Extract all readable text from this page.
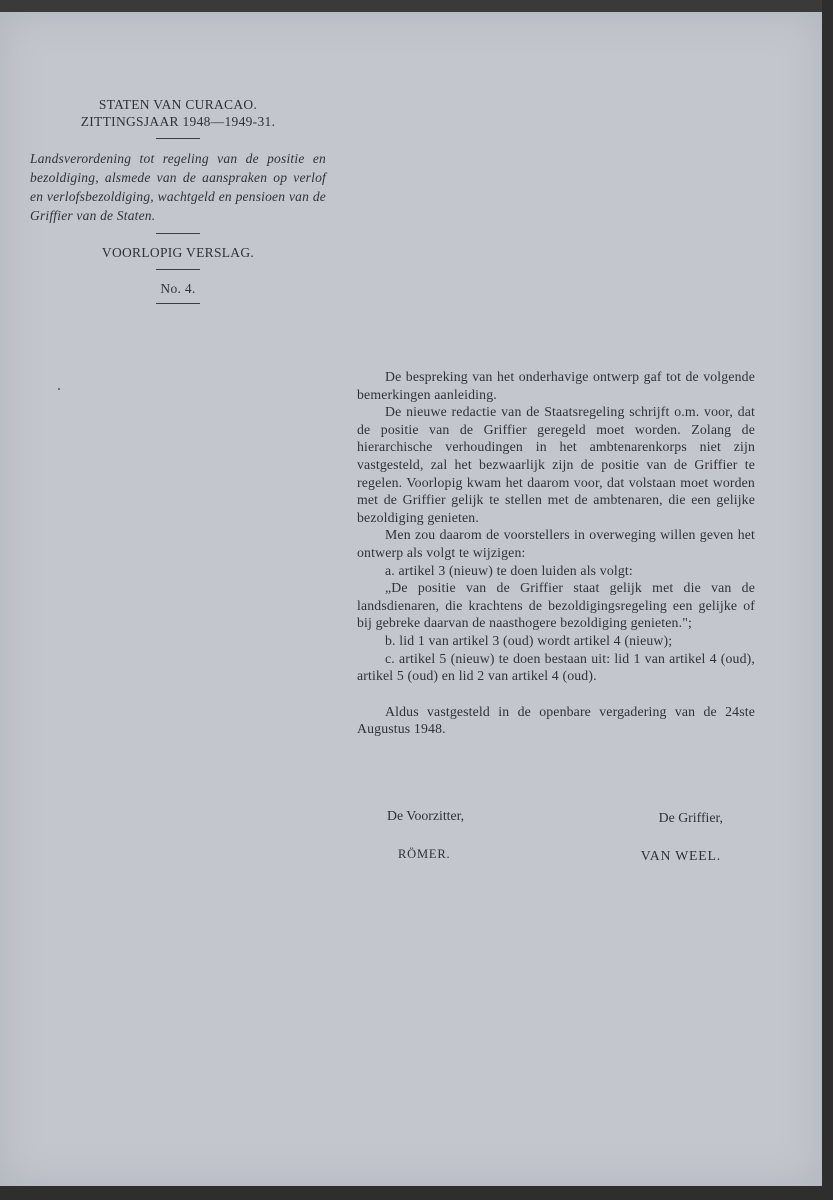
STATEN VAN CURACAO.
ZITTINGSJAAR 1948—1949-31.
Landsverordening tot regeling van de positie en bezoldiging, alsmede van de aanspraken op verlof en verlofsbezoldiging, wachtgeld en pensioen van de Griffier van de Staten.
VOORLOPIG VERSLAG.
No. 4.

De bespreking van het onderhavige ontwerp gaf tot de volgende bemerkingen aanleiding.

De nieuwe redactie van de Staatsregeling schrijft o.m. voor, dat de positie van de Griffier geregeld moet worden. Zolang de hierarchische verhoudingen in het ambtenarenkorps niet zijn vastgesteld, zal het bezwaarlijk zijn de positie van de Griffier te regelen. Voorlopig kwam het daarom voor, dat volstaan moet worden met de Griffier gelijk te stellen met de ambtenaren, die een gelijke bezoldiging genieten.

Men zou daarom de voorstellers in overweging willen geven het ontwerp als volgt te wijzigen:

a. artikel 3 (nieuw) te doen luiden als volgt:

„De positie van de Griffier staat gelijk met die van de landsdienaren, die krachtens de bezoldigingsregeling een gelijke of bij gebreke daarvan de naasthogere bezoldiging genieten.";

b. lid 1 van artikel 3 (oud) wordt artikel 4 (nieuw);

c. artikel 5 (nieuw) te doen bestaan uit: lid 1 van artikel 4 (oud), artikel 5 (oud) en lid 2 van artikel 4 (oud).

Aldus vastgesteld in de openbare vergadering van de 24ste Augustus 1948.

De Voorzitter,	De Griffier,
RÖMER.	VAN WEEL.
